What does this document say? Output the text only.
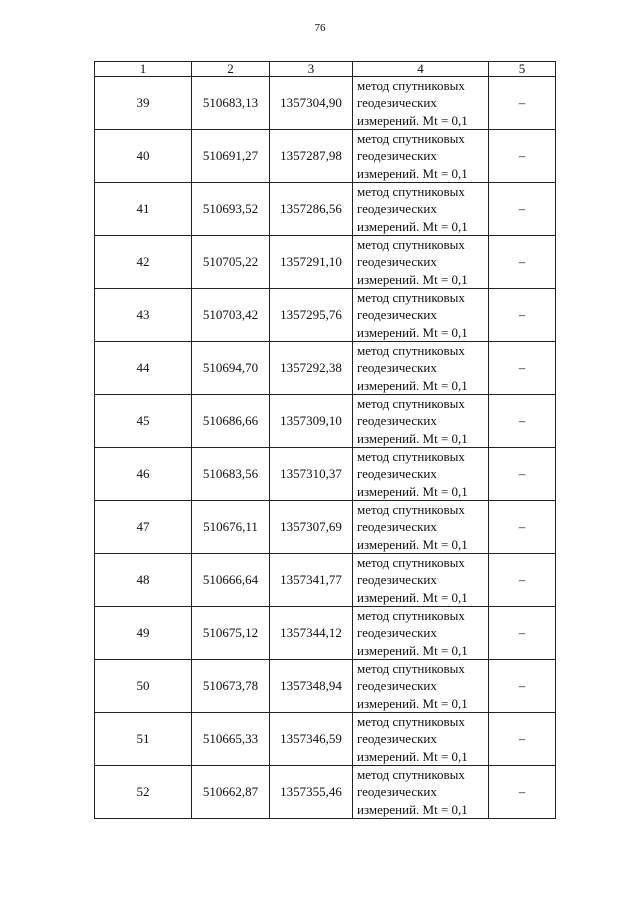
76
1	2	3	4	5
39	510683,13	1357304,90	метод спутниковых
геодезических
измерений. Mt = 0,1	–
40	510691,27	1357287,98	метод спутниковых
геодезических
измерений. Mt = 0,1	–
41	510693,52	1357286,56	метод спутниковых
геодезических
измерений. Mt = 0,1	–
42	510705,22	1357291,10	метод спутниковых
геодезических
измерений. Mt = 0,1	–
43	510703,42	1357295,76	метод спутниковых
геодезических
измерений. Mt = 0,1	–
44	510694,70	1357292,38	метод спутниковых
геодезических
измерений. Mt = 0,1	–
45	510686,66	1357309,10	метод спутниковых
геодезических
измерений. Mt = 0,1	–
46	510683,56	1357310,37	метод спутниковых
геодезических
измерений. Mt = 0,1	–
47	510676,11	1357307,69	метод спутниковых
геодезических
измерений. Mt = 0,1	–
48	510666,64	1357341,77	метод спутниковых
геодезических
измерений. Mt = 0,1	–
49	510675,12	1357344,12	метод спутниковых
геодезических
измерений. Mt = 0,1	–
50	510673,78	1357348,94	метод спутниковых
геодезических
измерений. Mt = 0,1	–
51	510665,33	1357346,59	метод спутниковых
геодезических
измерений. Mt = 0,1	–
52	510662,87	1357355,46	метод спутниковых
геодезических
измерений. Mt = 0,1	–
